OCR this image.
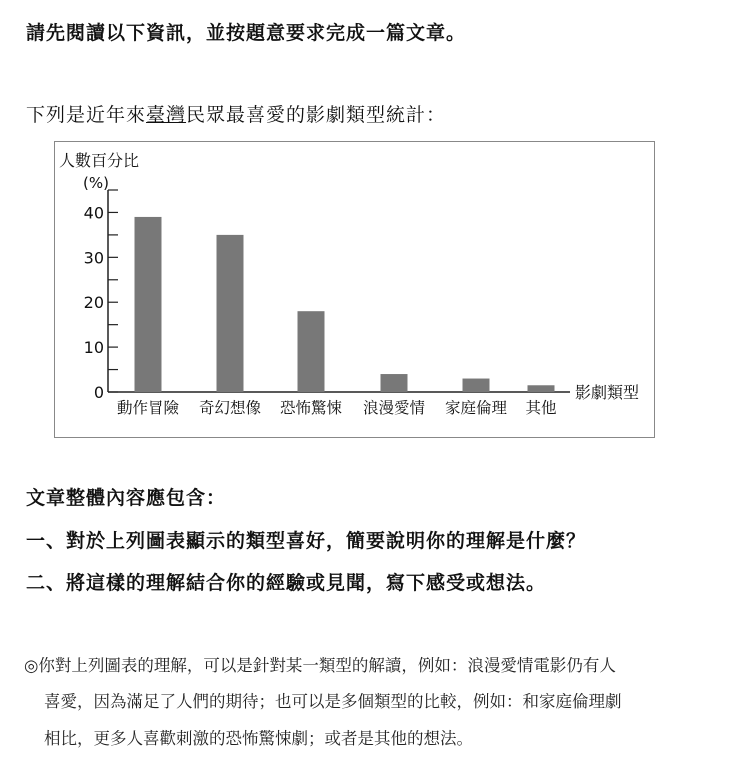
請先閱讀以下資訊，並按題意要求完成一篇文章。
下列是近年來臺灣民眾最喜愛的影劇類型統計：
人數百分比
(%)
影劇類型
0
10
20
30
40
動作冒險 奇幻想像 恐怖驚悚 浪漫愛情 家庭倫理 其他
文章整體內容應包含：
一、對於上列圖表顯示的類型喜好，簡要說明你的理解是什麼？
二、將這樣的理解結合你的經驗或見聞，寫下感受或想法。
◎你對上列圖表的理解，可以是針對某一類型的解讀，例如：浪漫愛情電影仍有人
喜愛，因為滿足了人們的期待；也可以是多個類型的比較，例如：和家庭倫理劇
相比，更多人喜歡刺激的恐怖驚悚劇；或者是其他的想法。
